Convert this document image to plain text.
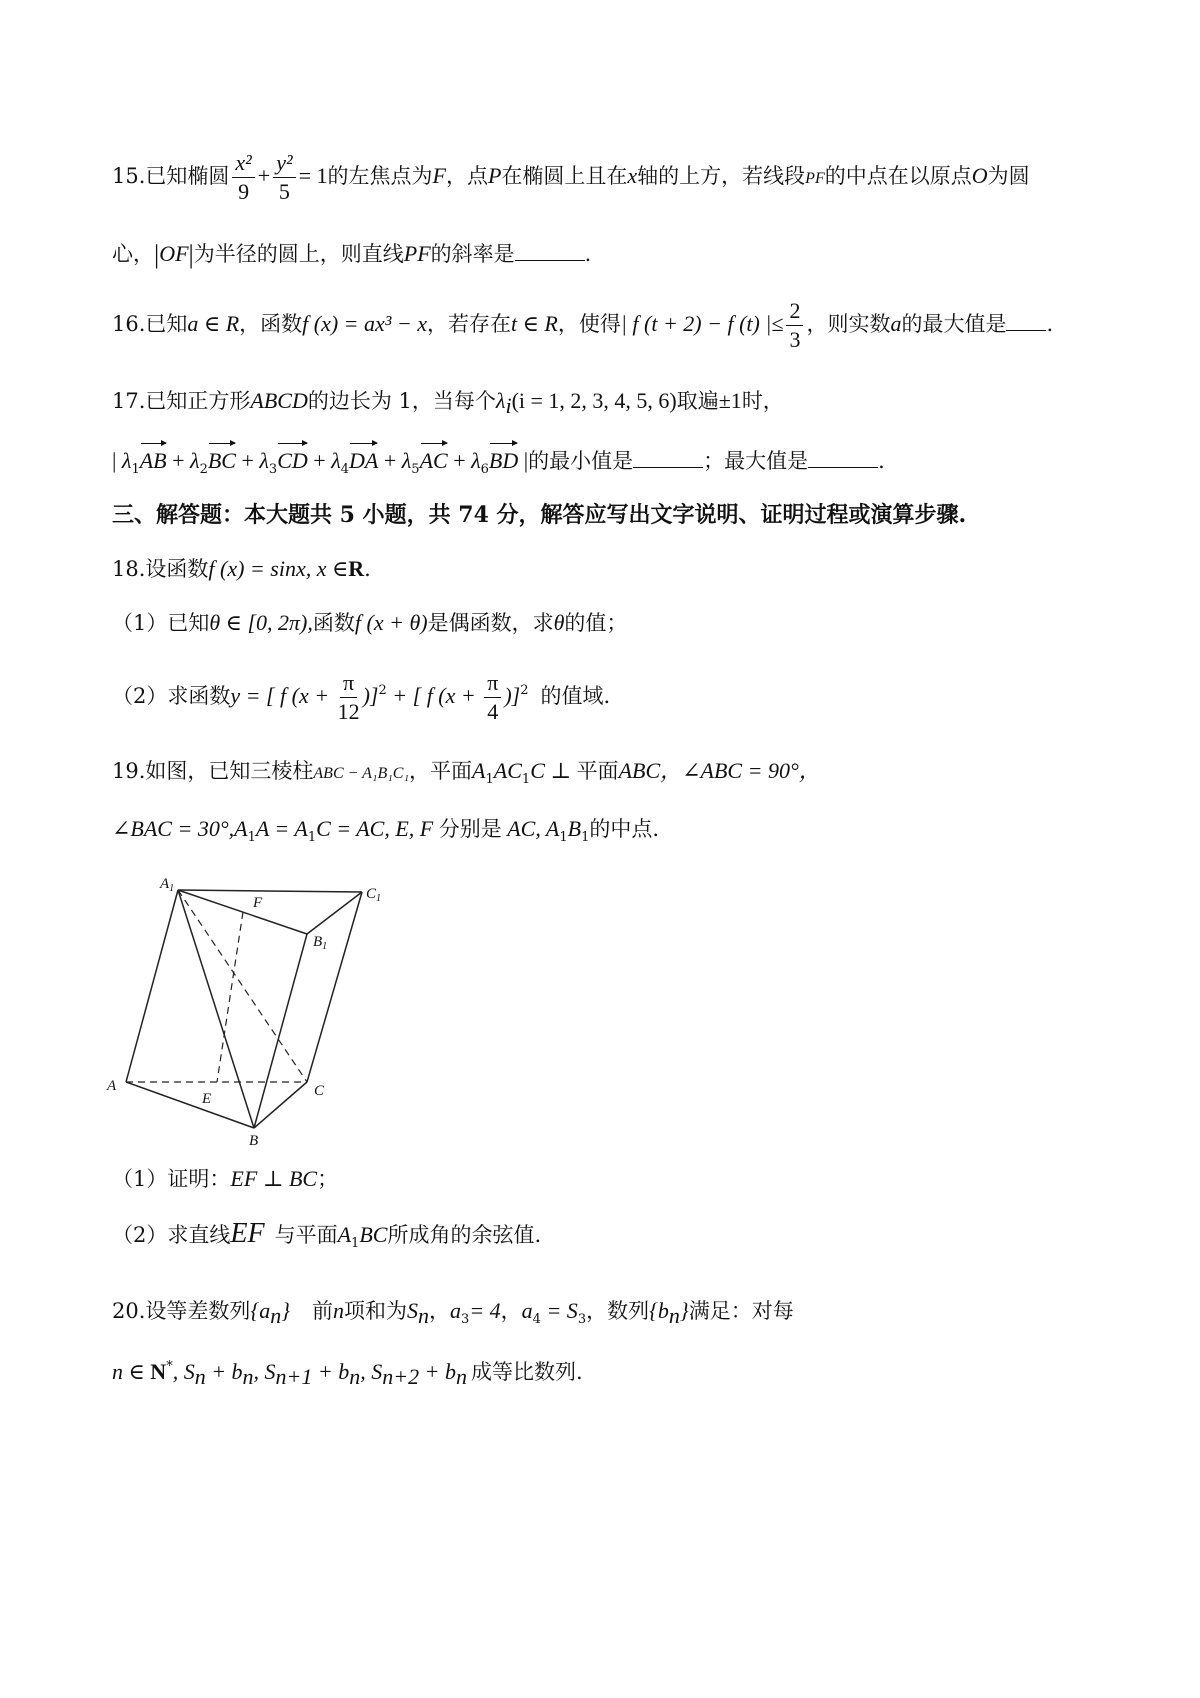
15.已知椭圆 $\frac{\text{x²}}{9} + \frac{\text{y²}}{5} = 1$的左焦点为F，点P在椭圆上且在x轴的上方，若线段PF的中点在以原点O为圆
心，|OF|为半径的圆上，则直线PF的斜率是	.
16.已知a ∈ R，函数f (x) = ax³ − x，若存在t ∈ R，使得| f (t + 2) − f (t) |≤ $\frac{2}{3}$ ，则实数a的最大值是 .
17.已知正方形ABCD的边长为 1，当每个$\lambda_i(i = 1$, 2, 3, 4, 5, 6)取遍±1时，
| $\lambda_1AB + \lambda_2BC + \lambda_3CD + \lambda_4DA + \lambda_5AC + \lambda_6BD$ |的最小值是	；最大值是	.
三、解答题：本大题共 5 小题，共 74 分，解答应写出文字说明、证明过程或演算步骤.
18.设函数f (x) = sinx, x ∈R.
（1）已知θ ∈ [0, 2π),函数f (x + θ)是偶函数，求θ的值；
（2）求函数y = [ f $(x + \frac{\pi}{12} )]^2$ + [ f $(x + \frac{\pi}{4} )]^2$ 的值域.
19.如图，已知三棱柱ABC − A₁B₁C₁，平面$A_1AC_1C$ ⊥ 平面ABC，∠ABC = 90°，
∠BAC = $30^\circ,A_1A = A_1C$ = AC, E, F 分别是 AC, $A_1B_1$的中点.
$A_1$	$C_1$
$B_1$
F
A
E	C
B
（1）证明：EF ⊥ BC；
（2）求直线EF 与平面$A_1BC$所成角的余弦值.
20.设等差数列$\{a_n\}$ 前n项和为$S_n$，$a_3= 4$，$a_4 = S_3$，数列$\{b_n\}$满足：对每
n ∈ N*, $S_n + b_n$, $S_{n+1} + b_n$, $S_{n+2} + b_n$ 成等比数列.
